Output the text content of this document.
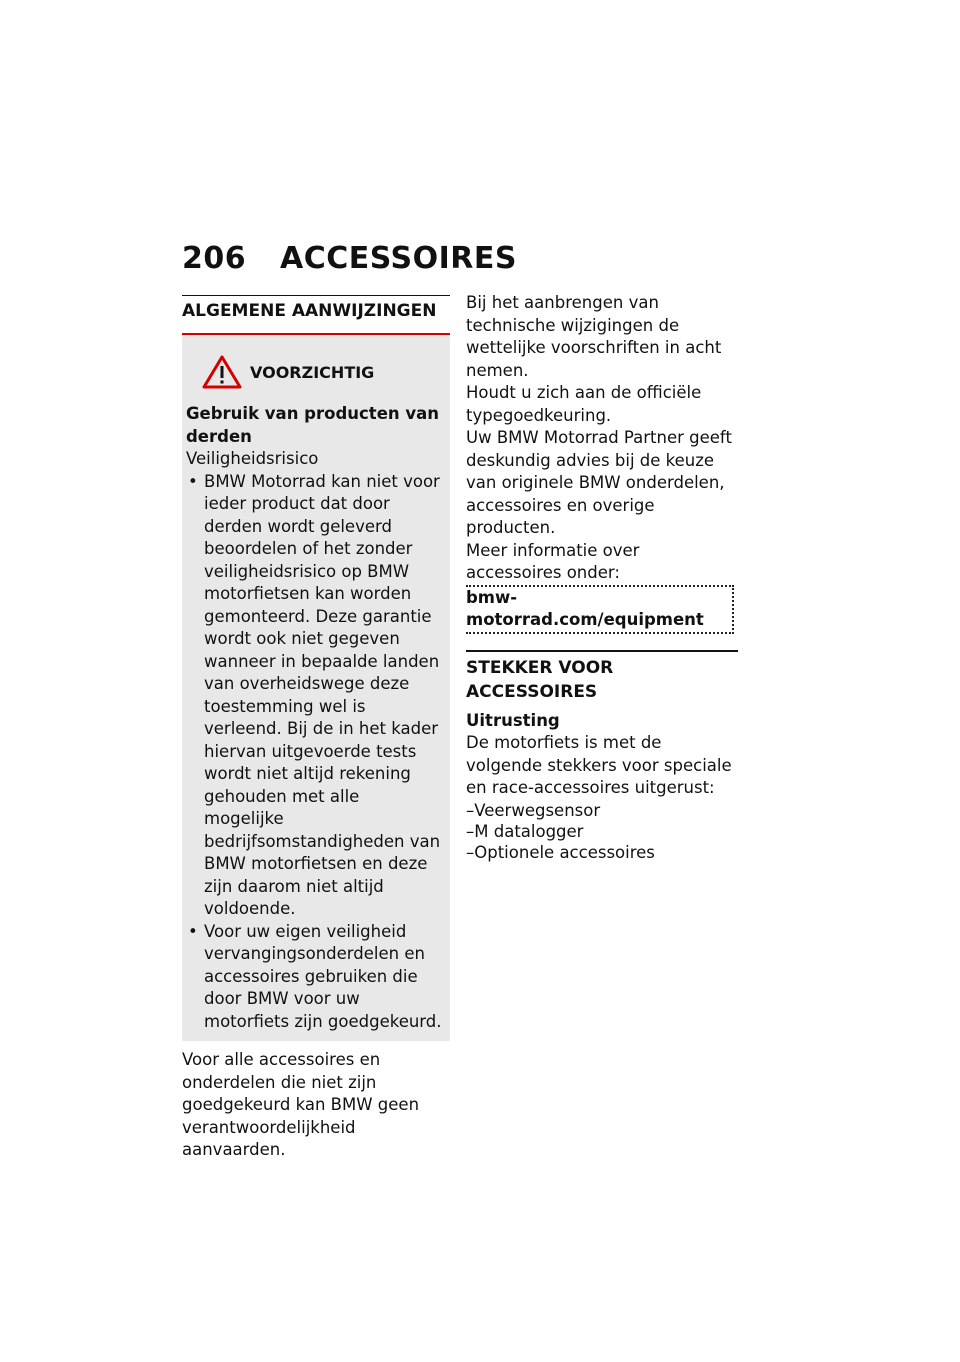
206 ACCESSOIRES
ALGEMENE AANWIJZINGEN
VOORZICHTIG
Gebruik van producten van derden
Veiligheidsrisico
• BMW Motorrad kan niet voor ieder product dat door derden wordt geleverd beoordelen of het zonder veiligheidsrisico op BMW motorfietsen kan worden gemonteerd. Deze garantie wordt ook niet gegeven wanneer in bepaalde landen van overheidswege deze toestemming wel is verleend. Bij de in het kader hiervan uitgevoerde tests wordt niet altijd rekening gehouden met alle mogelijke bedrijfsomstandigheden van BMW motorfietsen en deze zijn daarom niet altijd voldoende.
• Voor uw eigen veiligheid vervangingsonderdelen en accessoires gebruiken die door BMW voor uw motorfiets zijn goedgekeurd.
Voor alle accessoires en onderdelen die niet zijn goedgekeurd kan BMW geen verantwoordelijkheid aanvaarden.
Bij het aanbrengen van technische wijzigingen de wettelijke voorschriften in acht nemen.
Houdt u zich aan de officiële typegoedkeuring.
Uw BMW Motorrad Partner geeft deskundig advies bij de keuze van originele BMW onderdelen, accessoires en overige producten.
Meer informatie over accessoires onder:
bmw-motorrad.com/equipment
STEKKER VOOR ACCESSOIRES
Uitrusting
De motorfiets is met de volgende stekkers voor speciale en race-accessoires uitgerust:
–Veerwegsensor
–M datalogger
–Optionele accessoires
